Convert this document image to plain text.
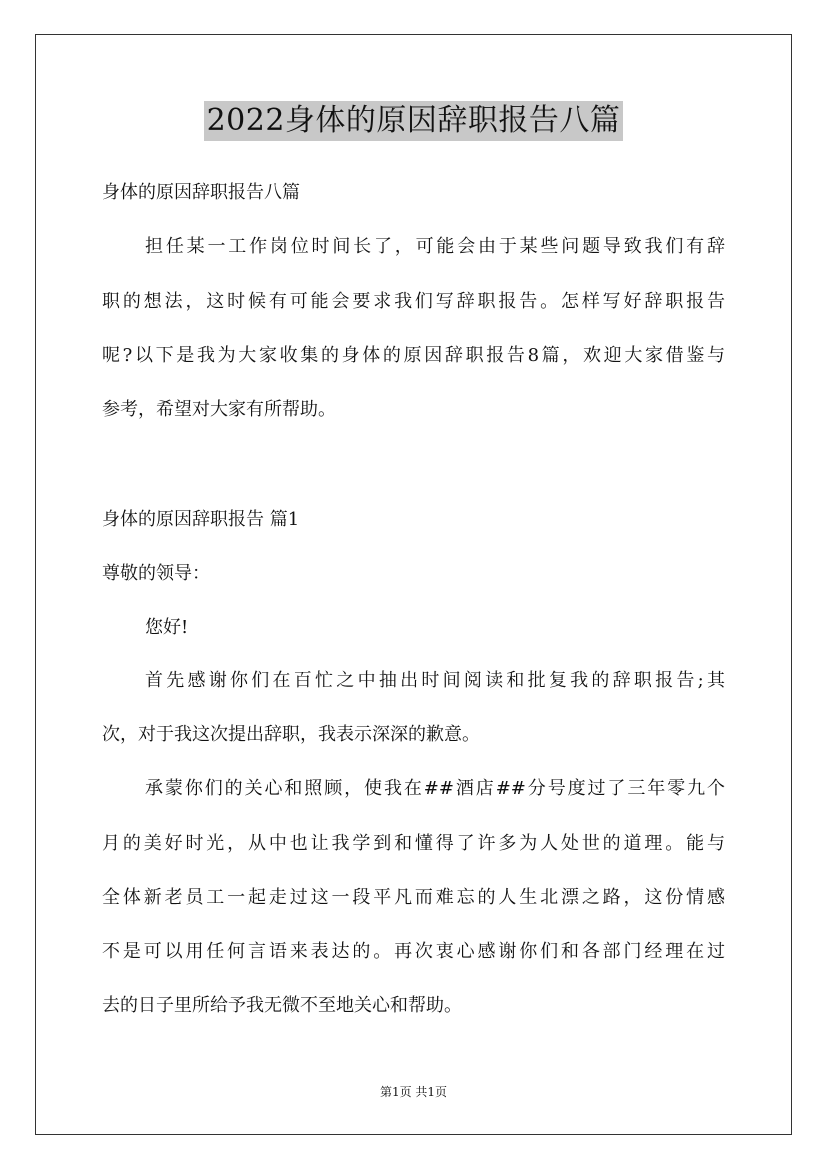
2022身体的原因辞职报告八篇
身体的原因辞职报告八篇
担任某一工作岗位时间长了，可能会由于某些问题导致我们有辞
职的想法，这时候有可能会要求我们写辞职报告。怎样写好辞职报告
呢?以下是我为大家收集的身体的原因辞职报告8篇，欢迎大家借鉴与
参考，希望对大家有所帮助。
身体的原因辞职报告 篇1
尊敬的领导：
您好!
首先感谢你们在百忙之中抽出时间阅读和批复我的辞职报告;其
次，对于我这次提出辞职，我表示深深的歉意。
承蒙你们的关心和照顾，使我在##酒店##分号度过了三年零九个
月的美好时光，从中也让我学到和懂得了许多为人处世的道理。能与
全体新老员工一起走过这一段平凡而难忘的人生北漂之路，这份情感
不是可以用任何言语来表达的。再次衷心感谢你们和各部门经理在过
去的日子里所给予我无微不至地关心和帮助。
第1页 共1页
